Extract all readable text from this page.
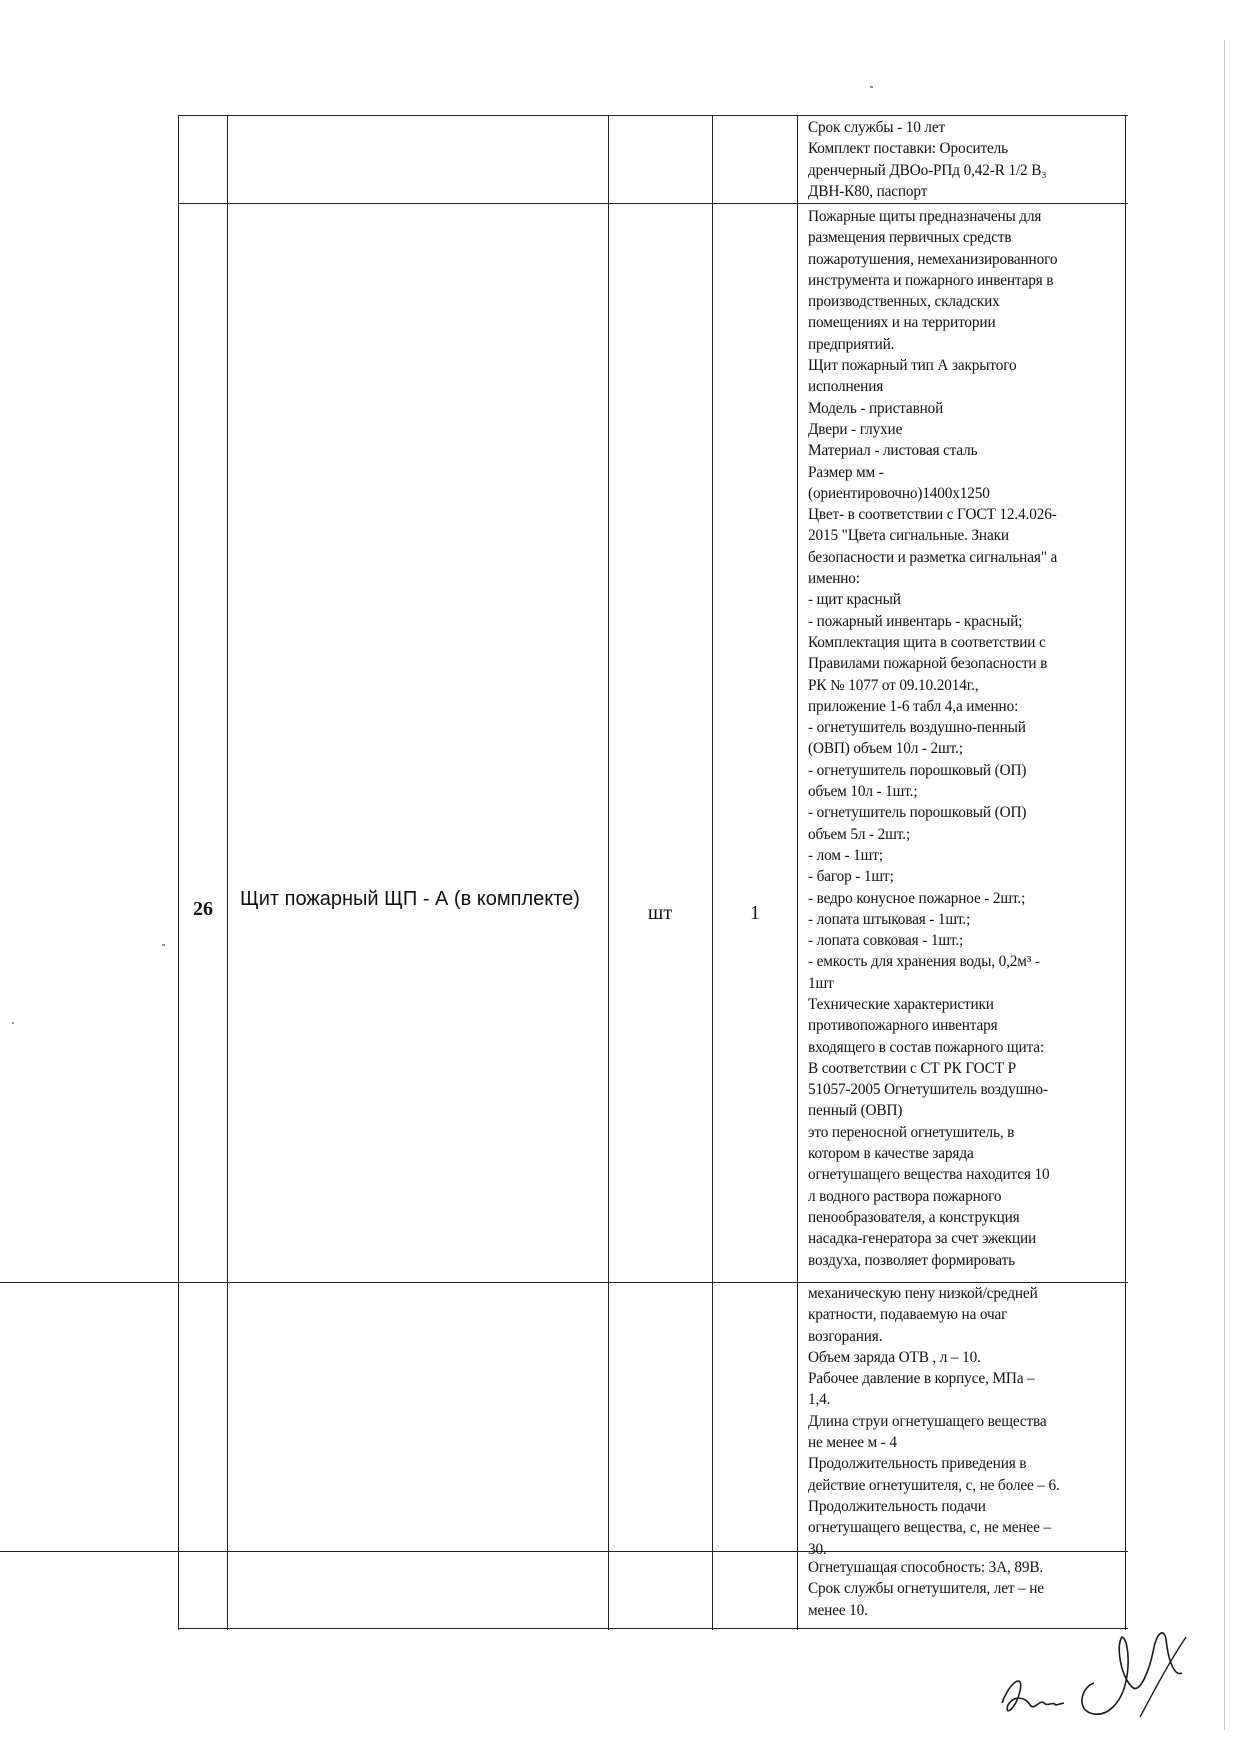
Срок службы - 10 лет
Комплект поставки: Ороситель
дренчерный ДВОо-РПд 0,42-R 1/2 В₃
ДВН-К80, паспорт
26	Щит пожарный ЩП - А (в комплекте)
шт	1
Пожарные щиты предназначены для
размещения первичных средств
пожаротушения, немеханизированного
инструмента и пожарного инвентаря в
производственных, складских
помещениях и на территории
предприятий.
Щит пожарный тип А закрытого
исполнения
Модель - приставной
Двери - глухие
Материал - листовая сталь
Размер мм -
(ориентировочно)1400х1250
Цвет- в соответствии с ГОСТ 12.4.026-
2015 "Цвета сигнальные. Знаки
безопасности и разметка сигнальная" а
именно:
- щит красный
- пожарный инвентарь - красный;
Комплектация щита в соответствии с
Правилами пожарной безопасности в
РК № 1077 от 09.10.2014г.,
приложение 1-6 табл 4,а именно:
- огнетушитель воздушно-пенный
(ОВП) объем 10л - 2шт.;
- огнетушитель порошковый (ОП)
объем 10л - 1шт.;
- огнетушитель порошковый (ОП)
объем 5л - 2шт.;
- лом - 1шт;
- багор - 1шт;
- ведро конусное пожарное - 2шт.;
- лопата штыковая - 1шт.;
- лопата совковая - 1шт.;
- емкость для хранения воды, 0,2м³ -
1шт
Технические характеристики
противопожарного инвентаря
входящего в состав пожарного щита:
В соответствии с СТ РК ГОСТ Р
51057-2005 Огнетушитель воздушно-
пенный (ОВП)
это переносной огнетушитель, в
котором в качестве заряда
огнетушащего вещества находится 10
л водного раствора пожарного
пенообразователя, а конструкция
насадка-генератора за счет эжекции
воздуха, позволяет формировать
механическую пену низкой/средней
кратности, подаваемую на очаг
возгорания.
Объем заряда ОТВ , л – 10.
Рабочее давление в корпусе, МПа –
1,4.
Длина струи огнетушащего вещества
не менее м - 4
Продолжительность приведения в
действие огнетушителя, с, не более – 6.
Продолжительность подачи
огнетушащего вещества, с, не менее –
30.
Огнетушащая способность: 3А, 89В.
Срок службы огнетушителя, лет – не
менее 10.
